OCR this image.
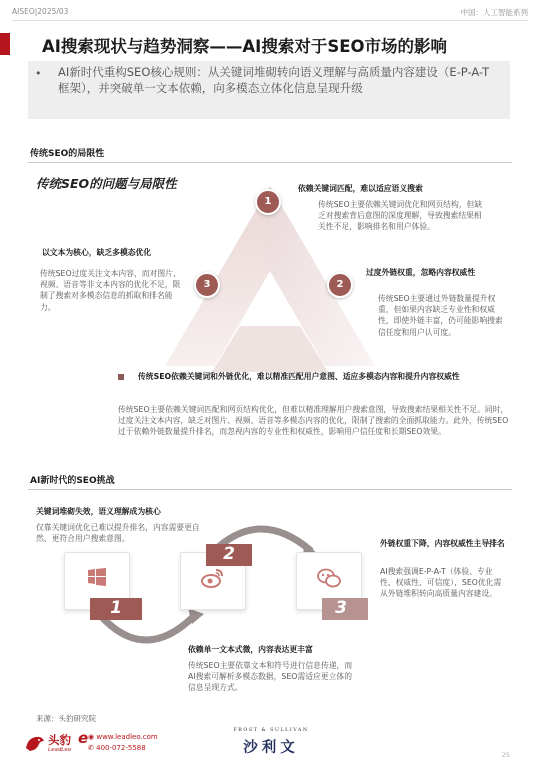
AISEO|2025/03	中国：人工智能系列
AI搜索现状与趋势洞察——AI搜索对于SEO市场的影响
• AI新时代重构SEO核心规则：从关键词堆砌转向语义理解与高质量内容建设（E-P-A-T框架），并突破单一文本依赖，向多模态立体化信息呈现升级
传统SEO的局限性
传统SEO的问题与局限性
1
2
3
依赖关键词匹配，难以适应语义搜索
传统SEO主要依赖关键词优化和网页结构，但缺乏对搜索背后意图的深度理解，导致搜索结果相关性不足，影响排名和用户体验。
过度外链权重，忽略内容权威性
传统SEO主要通过外链数量提升权重，但如果内容缺乏专业性和权威性，即使外链丰富，仍可能影响搜索信任度和用户认可度。
以文本为核心，缺乏多模态优化
传统SEO过度关注文本内容，而对图片、视频、语音等非文本内容的优化不足，限制了搜索对多模态信息的抓取和排名能力。
传统SEO依赖关键词和外链优化，难以精准匹配用户意图、适应多模态内容和提升内容权威性
传统SEO主要依赖关键词匹配和网页结构优化，但难以精准理解用户搜索意图，导致搜索结果相关性不足。同时，过度关注文本内容，缺乏对图片、视频、语音等多模态内容的优化，限制了搜索的全面抓取能力。此外，传统SEO过于依赖外链数量提升排名，而忽视内容的专业性和权威性，影响用户信任度和长期SEO效果。
AI新时代的SEO挑战
1
2
3
关键词堆砌失效，语义理解成为核心
仅靠关键词优化已难以提升排名，内容需要更自然、更符合用户搜索意图。
依赖单一文本式微，内容表达更丰富
传统SEO主要依靠文本和符号进行信息传递，而AI搜索可解析多模态数据，SEO需适应更立体的信息呈现方式。
外链权重下降，内容权威性主导排名
AI搜索强调E-P-A-T（体验、专业性、权威性、可信度），SEO优化需从外链堆积转向高质量内容建设。
来源：头豹研究院
头豹 e
LeadLeo
◉ www.leadleo.com
✆ 400-072-5588
FROST & SULLIVAN
沙利文	25
